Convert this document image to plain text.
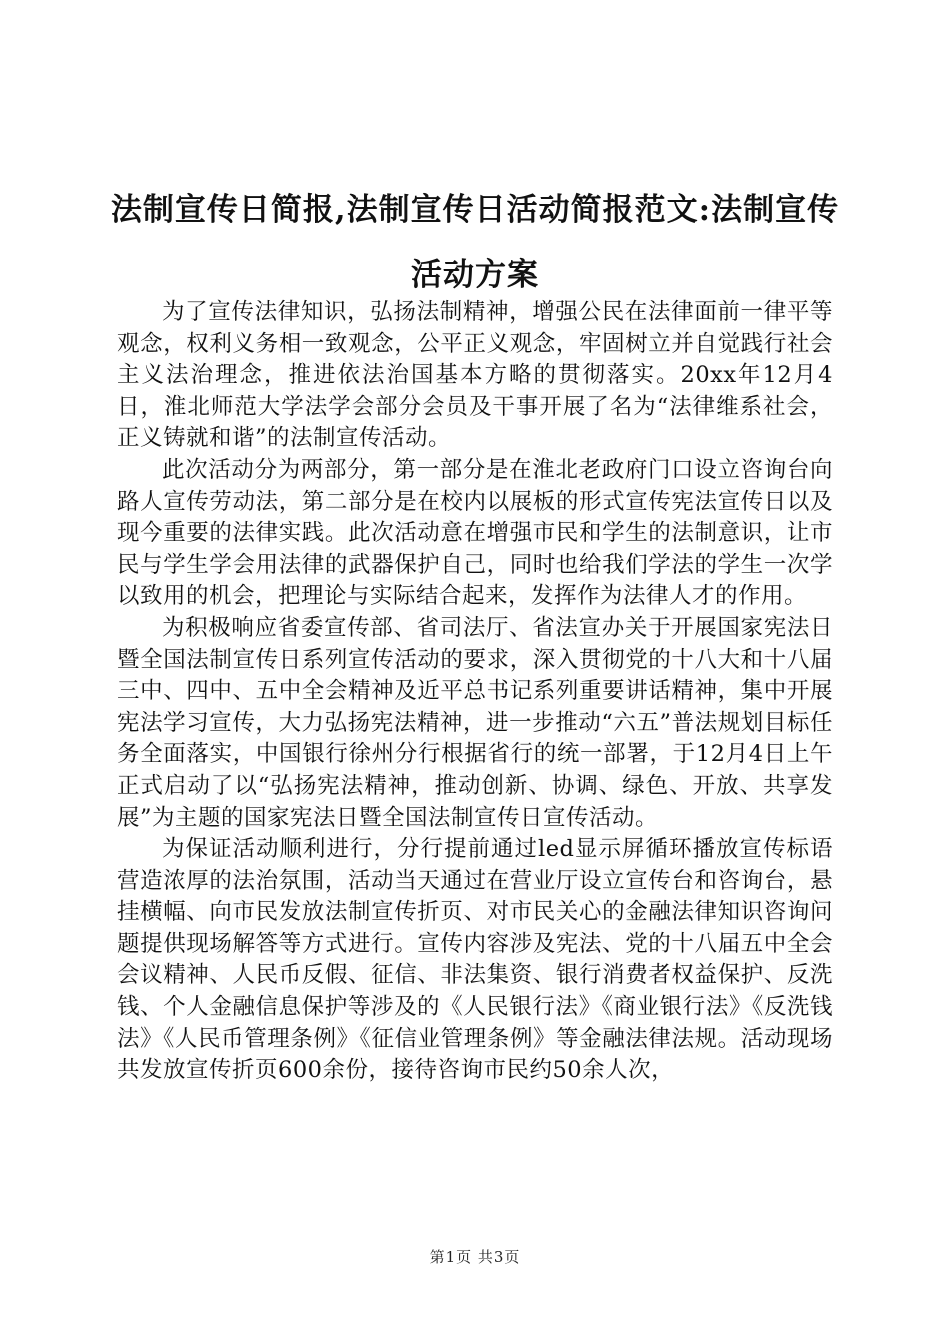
法制宣传日简报,法制宣传日活动简报范文:法制宣传活动方案

为了宣传法律知识，弘扬法制精神，增强公民在法律面前一律平等观念，权利义务相一致观念，公平正义观念，牢固树立并自觉践行社会主义法治理念，推进依法治国基本方略的贯彻落实。20xx年12月4日，淮北师范大学法学会部分会员及干事开展了名为“法律维系社会，正义铸就和谐”的法制宣传活动。

此次活动分为两部分，第一部分是在淮北老政府门口设立咨询台向路人宣传劳动法，第二部分是在校内以展板的形式宣传宪法宣传日以及现今重要的法律实践。此次活动意在增强市民和学生的法制意识，让市民与学生学会用法律的武器保护自己，同时也给我们学法的学生一次学以致用的机会，把理论与实际结合起来，发挥作为法律人才的作用。

为积极响应省委宣传部、省司法厅、省法宣办关于开展国家宪法日暨全国法制宣传日系列宣传活动的要求，深入贯彻党的十八大和十八届三中、四中、五中全会精神及近平总书记系列重要讲话精神，集中开展宪法学习宣传，大力弘扬宪法精神，进一步推动“六五”普法规划目标任务全面落实，中国银行徐州分行根据省行的统一部署，于12月4日上午正式启动了以“弘扬宪法精神，推动创新、协调、绿色、开放、共享发展”为主题的国家宪法日暨全国法制宣传日宣传活动。

为保证活动顺利进行，分行提前通过led显示屏循环播放宣传标语营造浓厚的法治氛围，活动当天通过在营业厅设立宣传台和咨询台，悬挂横幅、向市民发放法制宣传折页、对市民关心的金融法律知识咨询问题提供现场解答等方式进行。宣传内容涉及宪法、党的十八届五中全会会议精神、人民币反假、征信、非法集资、银行消费者权益保护、反洗钱、个人金融信息保护等涉及的《人民银行法》《商业银行法》《反洗钱法》《人民币管理条例》《征信业管理条例》等金融法律法规。活动现场共发放宣传折页600余份，接待咨询市民约50余人次，

第1页 共3页
